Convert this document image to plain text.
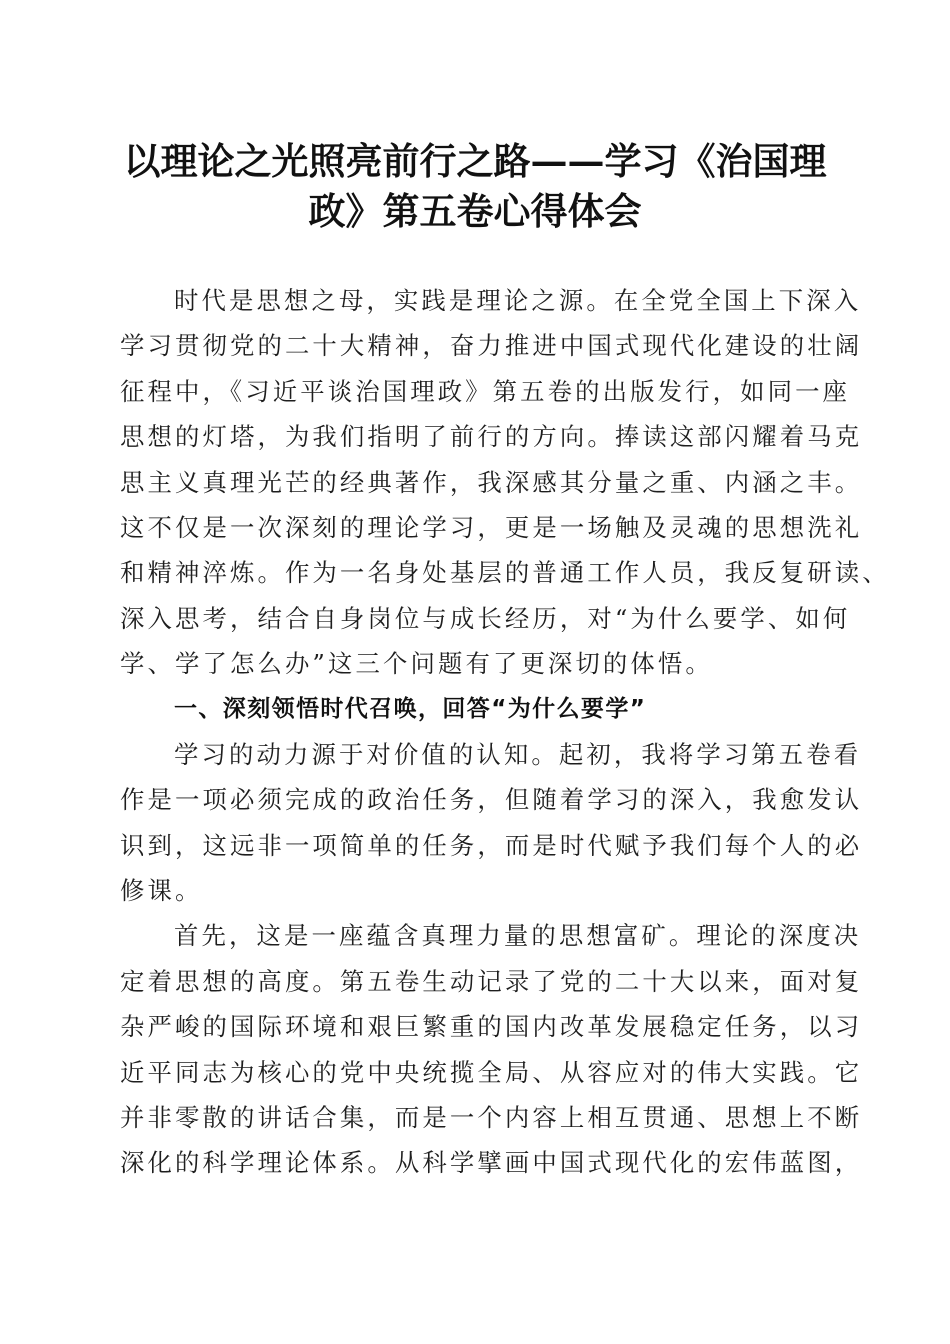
以理论之光照亮前行之路——学习《治国理
政》第五卷心得体会
时代是思想之母，实践是理论之源。在全党全国上下深入
学习贯彻党的二十大精神，奋力推进中国式现代化建设的壮阔
征程中，《习近平谈治国理政》第五卷的出版发行，如同一座
思想的灯塔，为我们指明了前行的方向。捧读这部闪耀着马克
思主义真理光芒的经典著作，我深感其分量之重、内涵之丰。
这不仅是一次深刻的理论学习，更是一场触及灵魂的思想洗礼
和精神淬炼。作为一名身处基层的普通工作人员，我反复研读、
深入思考，结合自身岗位与成长经历，对“为什么要学、如何
学、学了怎么办”这三个问题有了更深切的体悟。
一、深刻领悟时代召唤，回答“为什么要学”
学习的动力源于对价值的认知。起初，我将学习第五卷看
作是一项必须完成的政治任务，但随着学习的深入，我愈发认
识到，这远非一项简单的任务，而是时代赋予我们每个人的必
修课。
首先，这是一座蕴含真理力量的思想富矿。理论的深度决
定着思想的高度。第五卷生动记录了党的二十大以来，面对复
杂严峻的国际环境和艰巨繁重的国内改革发展稳定任务，以习
近平同志为核心的党中央统揽全局、从容应对的伟大实践。它
并非零散的讲话合集，而是一个内容上相互贯通、思想上不断
深化的科学理论体系。从科学擘画中国式现代化的宏伟蓝图，
